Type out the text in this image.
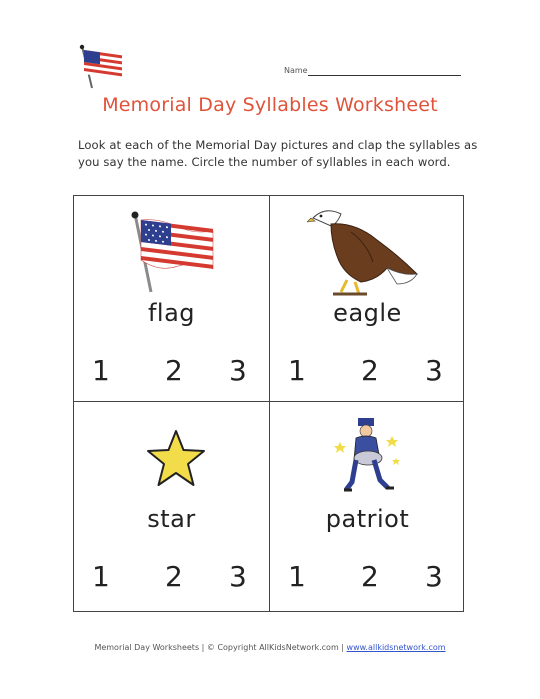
Name
Memorial Day Syllables Worksheet
Look at each of the Memorial Day pictures and clap the syllables as you say the name. Circle the number of syllables in each word.
flag
1 2 3
eagle
1 2 3
star
1 2 3
patriot
1 2 3
Memorial Day Worksheets | © Copyright AllKidsNetwork.com | www.allkidsnetwork.com
